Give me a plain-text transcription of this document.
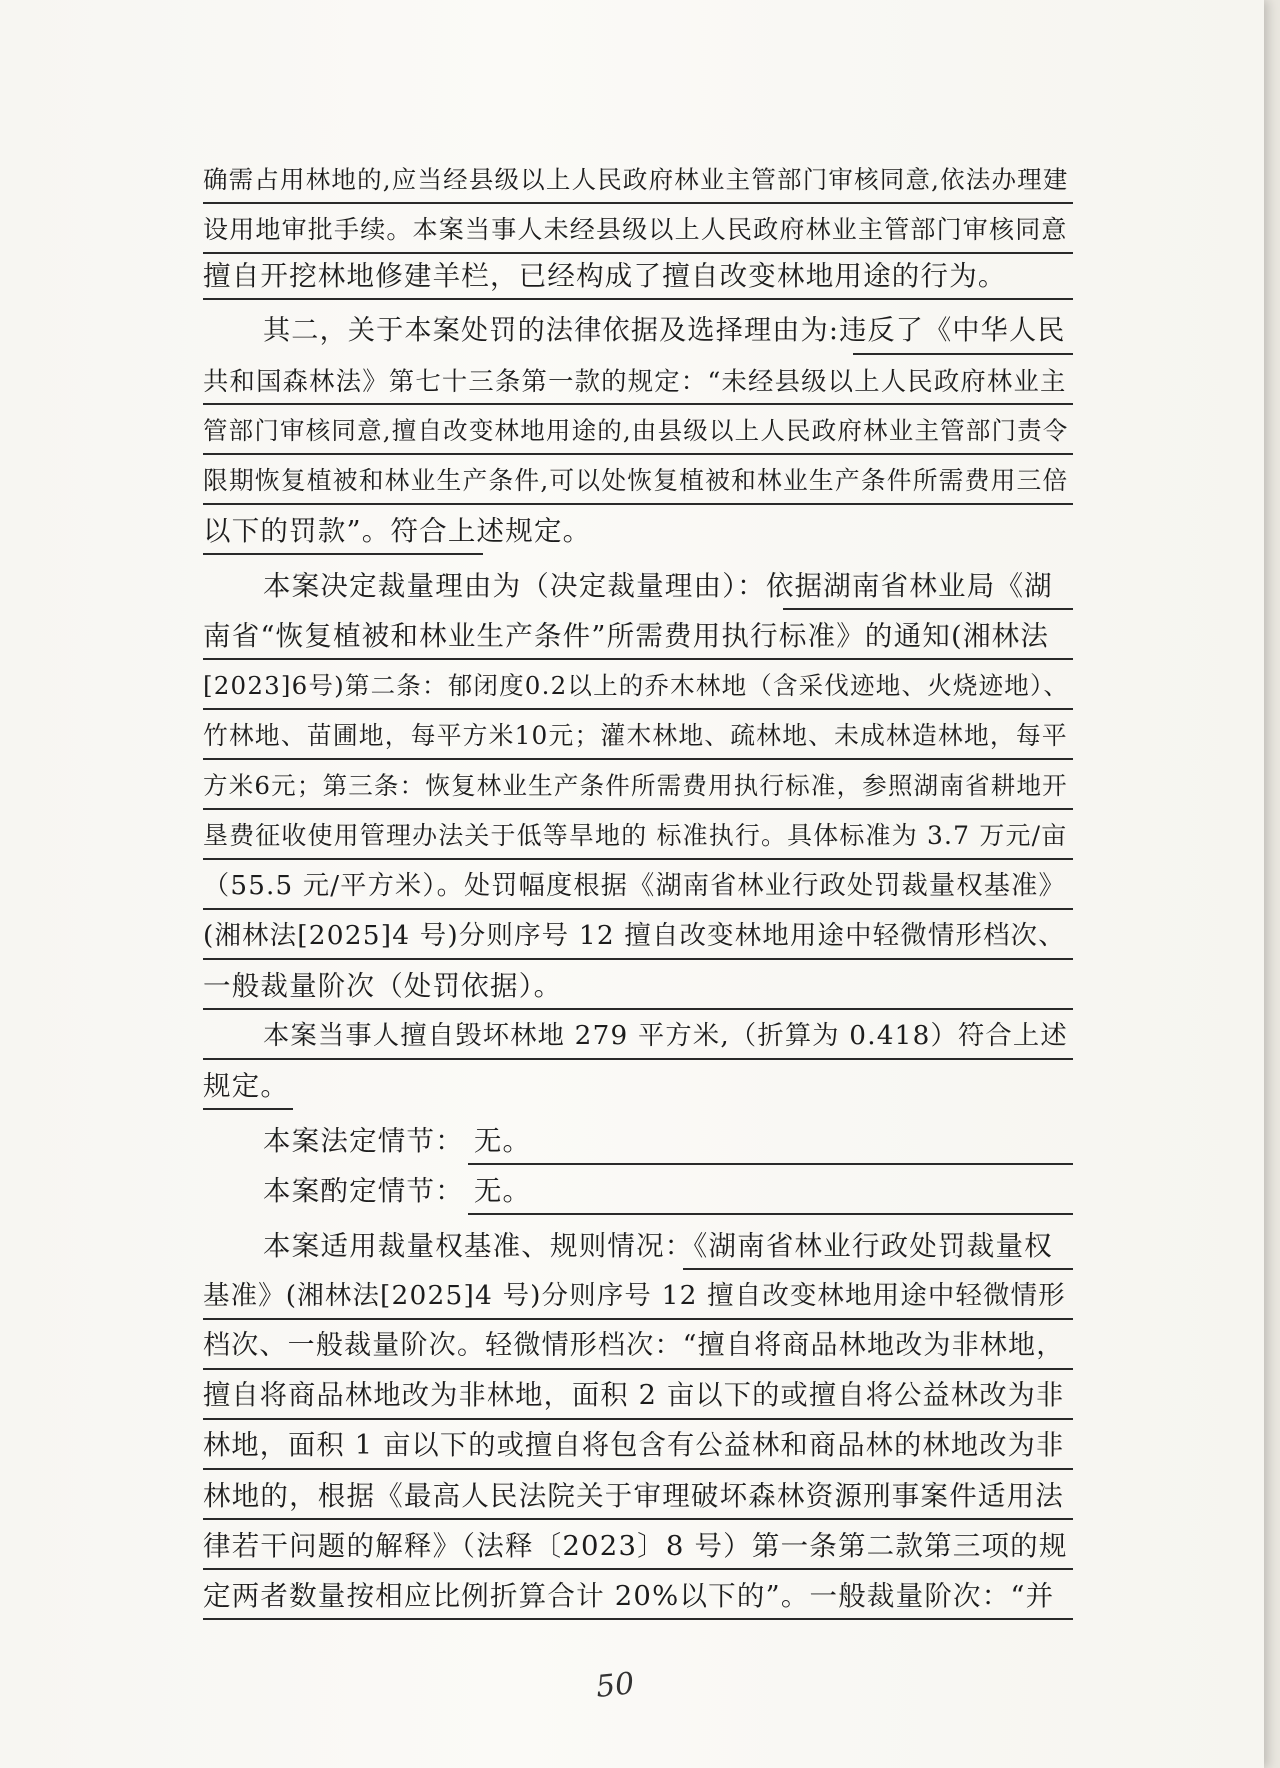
确需占用林地的,应当经县级以上人民政府林业主管部门审核同意,依法办理建
设用地审批手续。本案当事人未经县级以上人民政府林业主管部门审核同意
擅自开挖林地修建羊栏，已经构成了擅自改变林地用途的行为。
其二，关于本案处罚的法律依据及选择理由为:违反了《中华人民
共和国森林法》第七十三条第一款的规定：“未经县级以上人民政府林业主
管部门审核同意,擅自改变林地用途的,由县级以上人民政府林业主管部门责令
限期恢复植被和林业生产条件,可以处恢复植被和林业生产条件所需费用三倍
以下的罚款”。符合上述规定。
本案决定裁量理由为（决定裁量理由）：依据湖南省林业局《湖
南省“恢复植被和林业生产条件”所需费用执行标准》的通知(湘林法
[2023]6号)第二条：郁闭度0.2以上的乔木林地（含采伐迹地、火烧迹地）、
竹林地、苗圃地，每平方米10元；灌木林地、疏林地、未成林造林地，每平
方米6元；第三条：恢复林业生产条件所需费用执行标准，参照湖南省耕地开
垦费征收使用管理办法关于低等旱地的 标准执行。具体标准为 3.7 万元/亩
（55.5 元/平方米）。处罚幅度根据《湖南省林业行政处罚裁量权基准》
(湘林法[2025]4 号)分则序号 12 擅自改变林地用途中轻微情形档次、
一般裁量阶次（处罚依据）。
本案当事人擅自毁坏林地 279 平方米,（折算为 0.418）符合上述
规定。
本案法定情节： 无。
本案酌定情节： 无。
本案适用裁量权基准、规则情况：《湖南省林业行政处罚裁量权
基准》(湘林法[2025]4 号)分则序号 12 擅自改变林地用途中轻微情形
档次、一般裁量阶次。轻微情形档次：“擅自将商品林地改为非林地，
擅自将商品林地改为非林地，面积 2 亩以下的或擅自将公益林改为非
林地，面积 1 亩以下的或擅自将包含有公益林和商品林的林地改为非
林地的，根据《最高人民法院关于审理破坏森林资源刑事案件适用法
律若干问题的解释》（法释〔2023〕8 号）第一条第二款第三项的规
定两者数量按相应比例折算合计 20%以下的”。一般裁量阶次：“并
50
